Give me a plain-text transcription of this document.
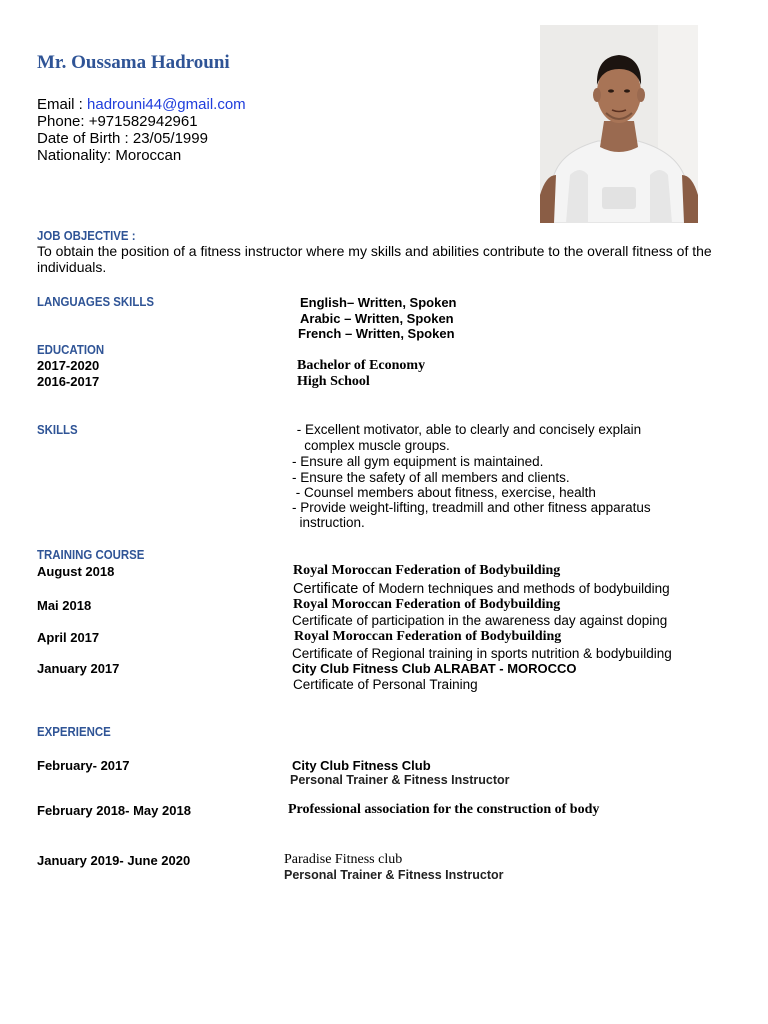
Mr. Oussama Hadrouni
Email : hadrouni44@gmail.com
Phone: +971582942961
Date of Birth : 23/05/1999
Nationality: Moroccan
JOB OBJECTIVE :
To obtain the position of a fitness instructor where my skills and abilities contribute to the overall fitness of the individuals.
LANGUAGES SKILLS	English– Written, Spoken
Arabic – Written, Spoken
French – Written, Spoken
EDUCATION
2017-2020	Bachelor of Economy
2016-2017	High School
SKILLS	- Excellent motivator, able to clearly and concisely explain
complex muscle groups.
- Ensure all gym equipment is maintained.
- Ensure the safety of all members and clients.
- Counsel members about fitness, exercise, health
- Provide weight-lifting, treadmill and other fitness apparatus
instruction.
TRAINING COURSE
August 2018	Royal Moroccan Federation of Bodybuilding
Certificate of Modern techniques and methods of bodybuilding
Mai 2018	Royal Moroccan Federation of Bodybuilding
Certificate of participation in the awareness day against doping
April 2017	Royal Moroccan Federation of Bodybuilding
Certificate of Regional training in sports nutrition & bodybuilding
January 2017	City Club Fitness Club ALRABAT - MOROCCO
Certificate of Personal Training
EXPERIENCE
February- 2017	City Club Fitness Club
Personal Trainer & Fitness Instructor
February 2018- May 2018	Professional association for the construction of body
January 2019- June 2020	Paradise Fitness club
Personal Trainer & Fitness Instructor
